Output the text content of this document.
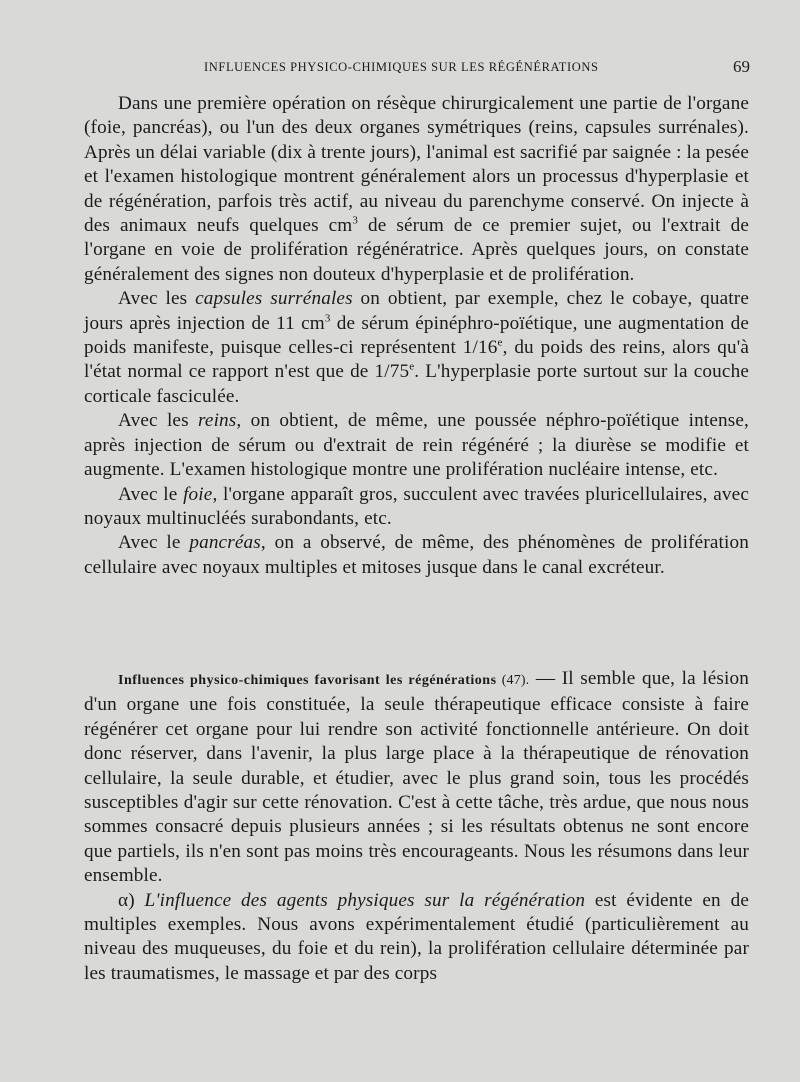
INFLUENCES PHYSICO-CHIMIQUES SUR LES RÉGÉNÉRATIONS	69

Dans une première opération on résèque chirurgicalement une partie de l'organe (foie, pancréas), ou l'un des deux organes symétriques (reins, capsules surrénales). Après un délai variable (dix à trente jours), l'animal est sacrifié par saignée : la pesée et l'examen histologique montrent généralement alors un processus d'hyperplasie et de régénération, parfois très actif, au niveau du parenchyme conservé. On injecte à des animaux neufs quelques $cm^3$ de sérum de ce premier sujet, ou l'extrait de l'organe en voie de prolifération régénératrice. Après quelques jours, on constate généralement des signes non douteux d'hyperplasie et de prolifération.

Avec les capsules surrénales on obtient, par exemple, chez le cobaye, quatre jours après injection de 11 $cm^3$ de sérum épinéphro-poïétique, une augmentation de poids manifeste, puisque celles-ci représentent 1/16e, du poids des reins, alors qu'à l'état normal ce rapport n'est que de 1/75e. L'hyperplasie porte surtout sur la couche corticale fasciculée.

Avec les reins, on obtient, de même, une poussée néphro-poïétique intense, après injection de sérum ou d'extrait de rein régénéré ; la diurèse se modifie et augmente. L'examen histologique montre une prolifération nucléaire intense, etc.

Avec le foie, l'organe apparaît gros, succulent avec travées pluricellulaires, avec noyaux multinucléés surabondants, etc.

Avec le pancréas, on a observé, de même, des phénomènes de prolifération cellulaire avec noyaux multiples et mitoses jusque dans le canal excréteur.

Influences physico-chimiques favorisant les régénérations (47). — Il semble que, la lésion d'un organe une fois constituée, la seule thérapeutique efficace consiste à faire régénérer cet organe pour lui rendre son activité fonctionnelle antérieure. On doit donc réserver, dans l'avenir, la plus large place à la thérapeutique de rénovation cellulaire, la seule durable, et étudier, avec le plus grand soin, tous les procédés susceptibles d'agir sur cette rénovation. C'est à cette tâche, très ardue, que nous nous sommes consacré depuis plusieurs années ; si les résultats obtenus ne sont encore que partiels, ils n'en sont pas moins très encourageants. Nous les résumons dans leur ensemble.

α) L'influence des agents physiques sur la régénération est évidente en de multiples exemples. Nous avons expérimentalement étudié (particulièrement au niveau des muqueuses, du foie et du rein), la prolifération cellulaire déterminée par les traumatismes, le massage et par des corps
